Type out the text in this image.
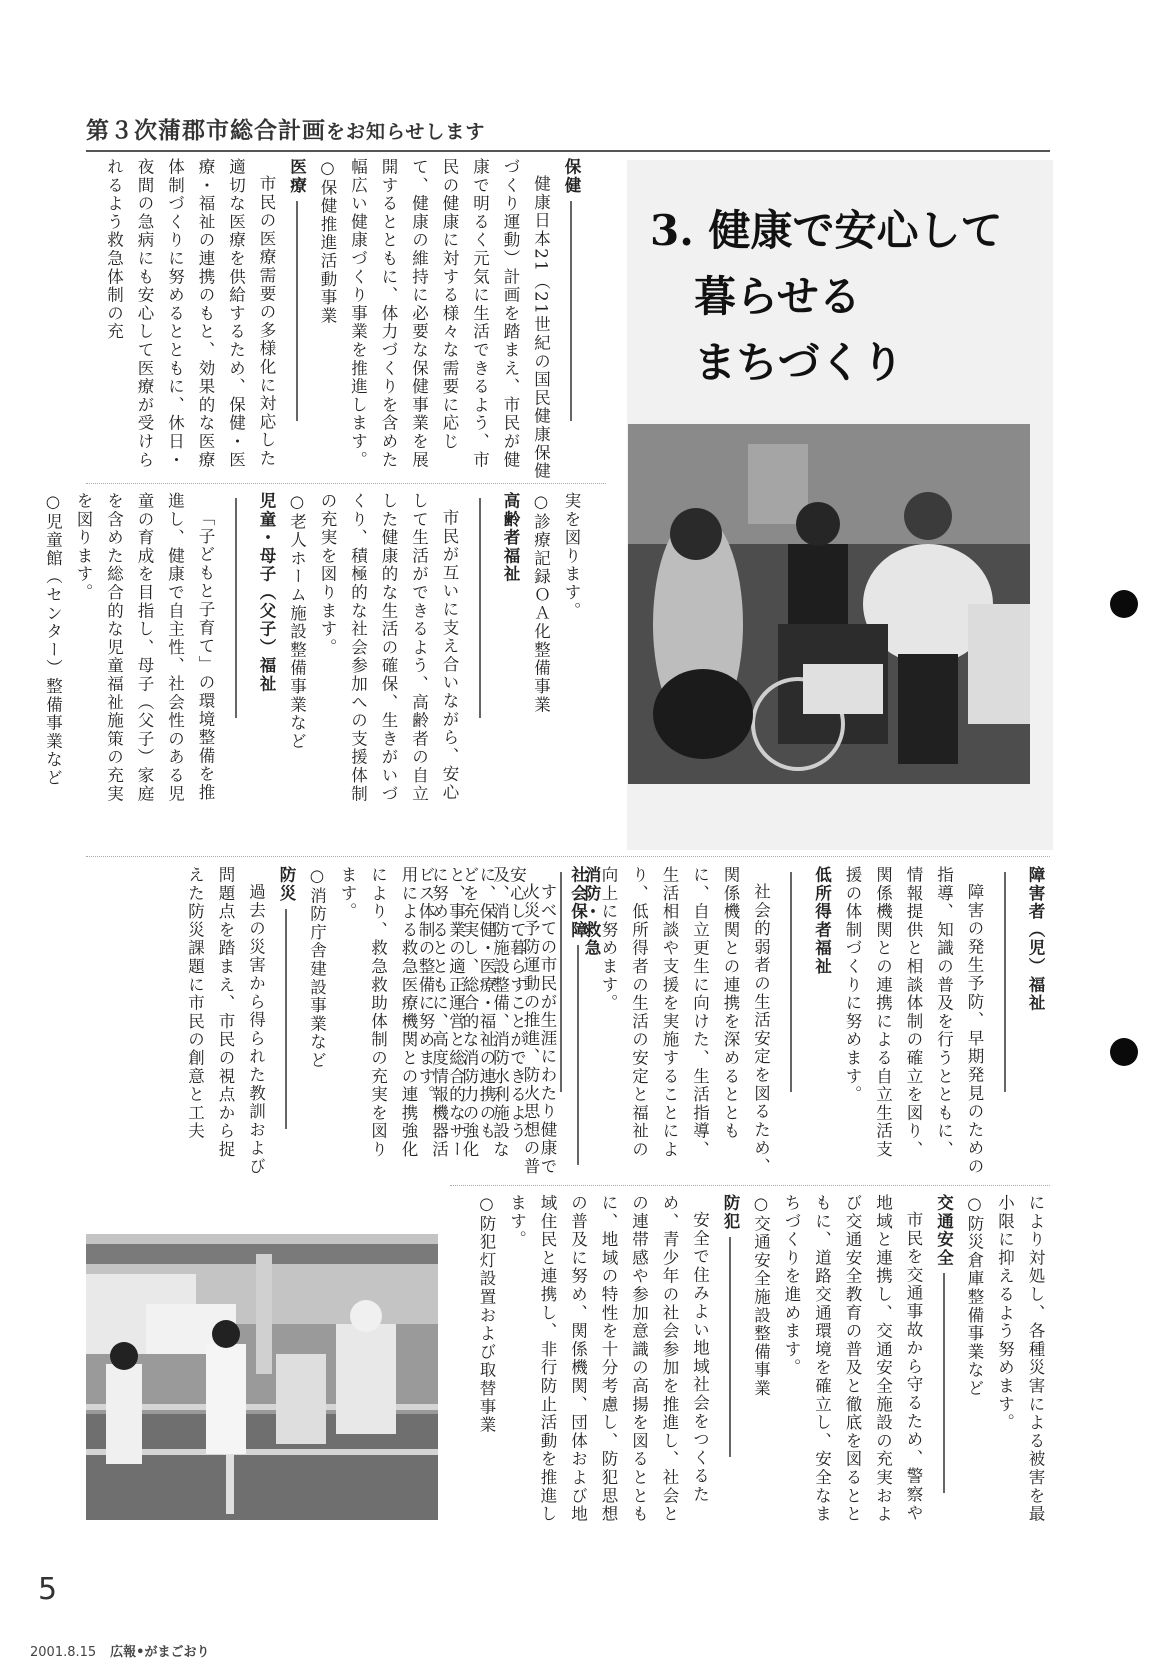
第３次蒲郡市総合計画をお知らせします
保健
健康日本21（21世紀の国民健康保健づくり運動）計画を踏まえ、市民が健康で明るく元気に生活できるよう、市民の健康に対する様々な需要に応じて、健康の維持に必要な保健事業を展開するとともに、体力づくりを含めた幅広い健康づくり事業を推進します。
○保健推進活動事業
医療
市民の医療需要の多様化に対応した適切な医療を供給するため、保健・医療・福祉の連携のもと、効果的な医療体制づくりに努めるとともに、休日・夜間の急病にも安心して医療が受けられるよう救急体制の充
実を図ります。
○診療記録ＯＡ化整備事業
高齢者福祉
市民が互いに支え合いながら、安心して生活ができるよう、高齢者の自立した健康的な生活の確保、生きがいづくり、積極的な社会参加への支援体制の充実を図ります。
○老人ホーム施設整備事業など
児童・母子（父子）福祉
「子どもと子育て」の環境整備を推進し、健康で自主性、社会性のある児童の育成を目指し、母子（父子）家庭を含めた総合的な児童福祉施策の充実を図ります。
○児童館（センター）整備事業など
3. 健康で安心して
暮らせる
まちづくり
障害者（児）福祉
障害の発生予防、早期発見のための指導、知識の普及を行うとともに、情報提供と相談体制の確立を図り、関係機関との連携による自立生活支援の体制づくりに努めます。
低所得者福祉
社会的弱者の生活安定を図るため、関係機関との連携を深めるとともに、自立更生に向けた、生活指導、生活相談や支援を実施することにより、低所得者の生活の安定と福祉の向上に努めます。
社会保障
すべての市民が生涯にわたり健康で安心して暮らすことができるように、保健・医療・福祉の連携のもと、事業の適正運営と総合的なサービス体制の整備に努めます。	消防・救急
火災予防運動の推進、防火思想の普及、消防施設整備、消防水利施設などを充実し、総合的な消防力の強化に努めるとともに、高度情報機器活用による救急医療機関との連携強化により、救急救助体制の充実を図ります。
○消防庁舎建設事業など
防災
過去の災害から得られた教訓および問題点を踏まえ、市民の視点から捉えた防災課題に市民の創意と工夫
により対処し、各種災害による被害を最小限に抑えるよう努めます。
○防災倉庫整備事業など
交通安全
市民を交通事故から守るため、警察や地域と連携し、交通安全施設の充実および交通安全教育の普及と徹底を図るとともに、道路交通環境を確立し、安全なまちづくりを進めます。
○交通安全施設整備事業
防犯
安全で住みよい地域社会をつくるため、青少年の社会参加を推進し、社会との連帯感や参加意識の高揚を図るとともに、地域の特性を十分考慮し、防犯思想の普及に努め、関係機関、団体および地域住民と連携し、非行防止活動を推進します。
○防犯灯設置および取替事業
5
2001.8.15 広報•がまごおり
